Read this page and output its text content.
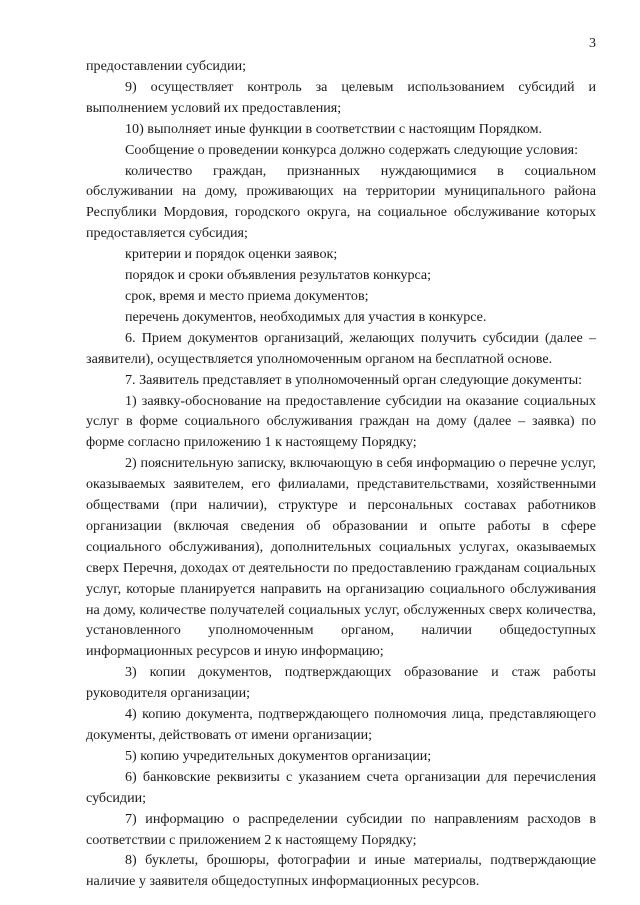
3

предоставлении субсидии;

9) осуществляет контроль за целевым использованием субсидий и выполнением условий их предоставления;

10) выполняет иные функции в соответствии с настоящим Порядком.

Сообщение о проведении конкурса должно содержать следующие условия:

количество граждан, признанных нуждающимися в социальном обслуживании на дому, проживающих на территории муниципального района Республики Мордовия, городского округа, на социальное обслуживание которых предоставляется субсидия;

критерии и порядок оценки заявок;

порядок и сроки объявления результатов конкурса;

срок, время и место приема документов;

перечень документов, необходимых для участия в конкурсе.

6. Прием документов организаций, желающих получить субсидии (далее – заявители), осуществляется уполномоченным органом на бесплатной основе.

7. Заявитель представляет в уполномоченный орган следующие документы:

1) заявку-обоснование на предоставление субсидии на оказание социальных услуг в форме социального обслуживания граждан на дому (далее – заявка) по форме согласно приложению 1 к настоящему Порядку;

2) пояснительную записку, включающую в себя информацию о перечне услуг, оказываемых заявителем, его филиалами, представительствами, хозяйственными обществами (при наличии), структуре и персональных составах работников организации (включая сведения об образовании и опыте работы в сфере социального обслуживания), дополнительных социальных услугах, оказываемых сверх Перечня, доходах от деятельности по предоставлению гражданам социальных услуг, которые планируется направить на организацию социального обслуживания на дому, количестве получателей социальных услуг, обслуженных сверх количества, установленного уполномоченным органом, наличии общедоступных информационных ресурсов и иную информацию;

3) копии документов, подтверждающих образование и стаж работы руководителя организации;

4) копию документа, подтверждающего полномочия лица, представляющего документы, действовать от имени организации;

5) копию учредительных документов организации;

6) банковские реквизиты с указанием счета организации для перечисления субсидии;

7) информацию о распределении субсидии по направлениям расходов в соответствии с приложением 2 к настоящему Порядку;

8) буклеты, брошюры, фотографии и иные материалы, подтверждающие наличие у заявителя общедоступных информационных ресурсов.
